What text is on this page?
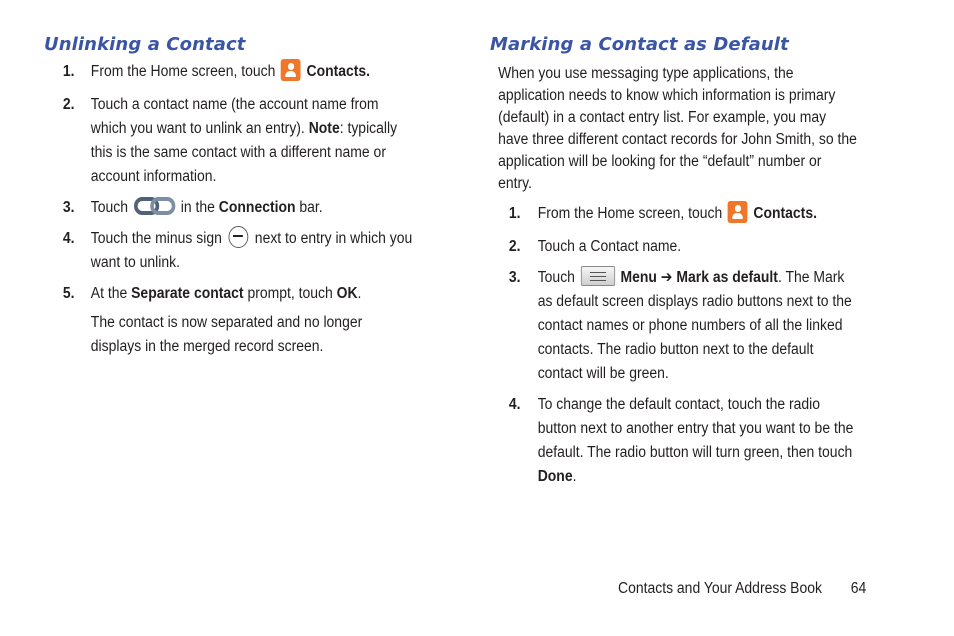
Unlinking a Contact
1. From the Home screen, touch Contacts.
2. Touch a contact name (the account name from which you want to unlink an entry). Note: typically this is the same contact with a different name or account information.
3. Touch	in the Connection bar.
4. Touch the minus sign next to entry in which you want to unlink.
5. At the Separate contact prompt, touch OK.
The contact is now separated and no longer displays in the merged record screen.
Marking a Contact as Default

When you use messaging type applications, the application needs to know which information is primary (default) in a contact entry list. For example, you may have three different contact records for John Smith, so the application will be looking for the “default” number or entry.

1. From the Home screen, touch Contacts.
2. Touch a Contact name.
3. Touch	Menu ➔ Mark as default. The Mark as default screen displays radio buttons next to the contact names or phone numbers of all the linked contacts. The radio button next to the default contact will be green.
4. To change the default contact, touch the radio button next to another entry that you want to be the default. The radio button will turn green, then touch Done.
Contacts and Your Address Book 64
